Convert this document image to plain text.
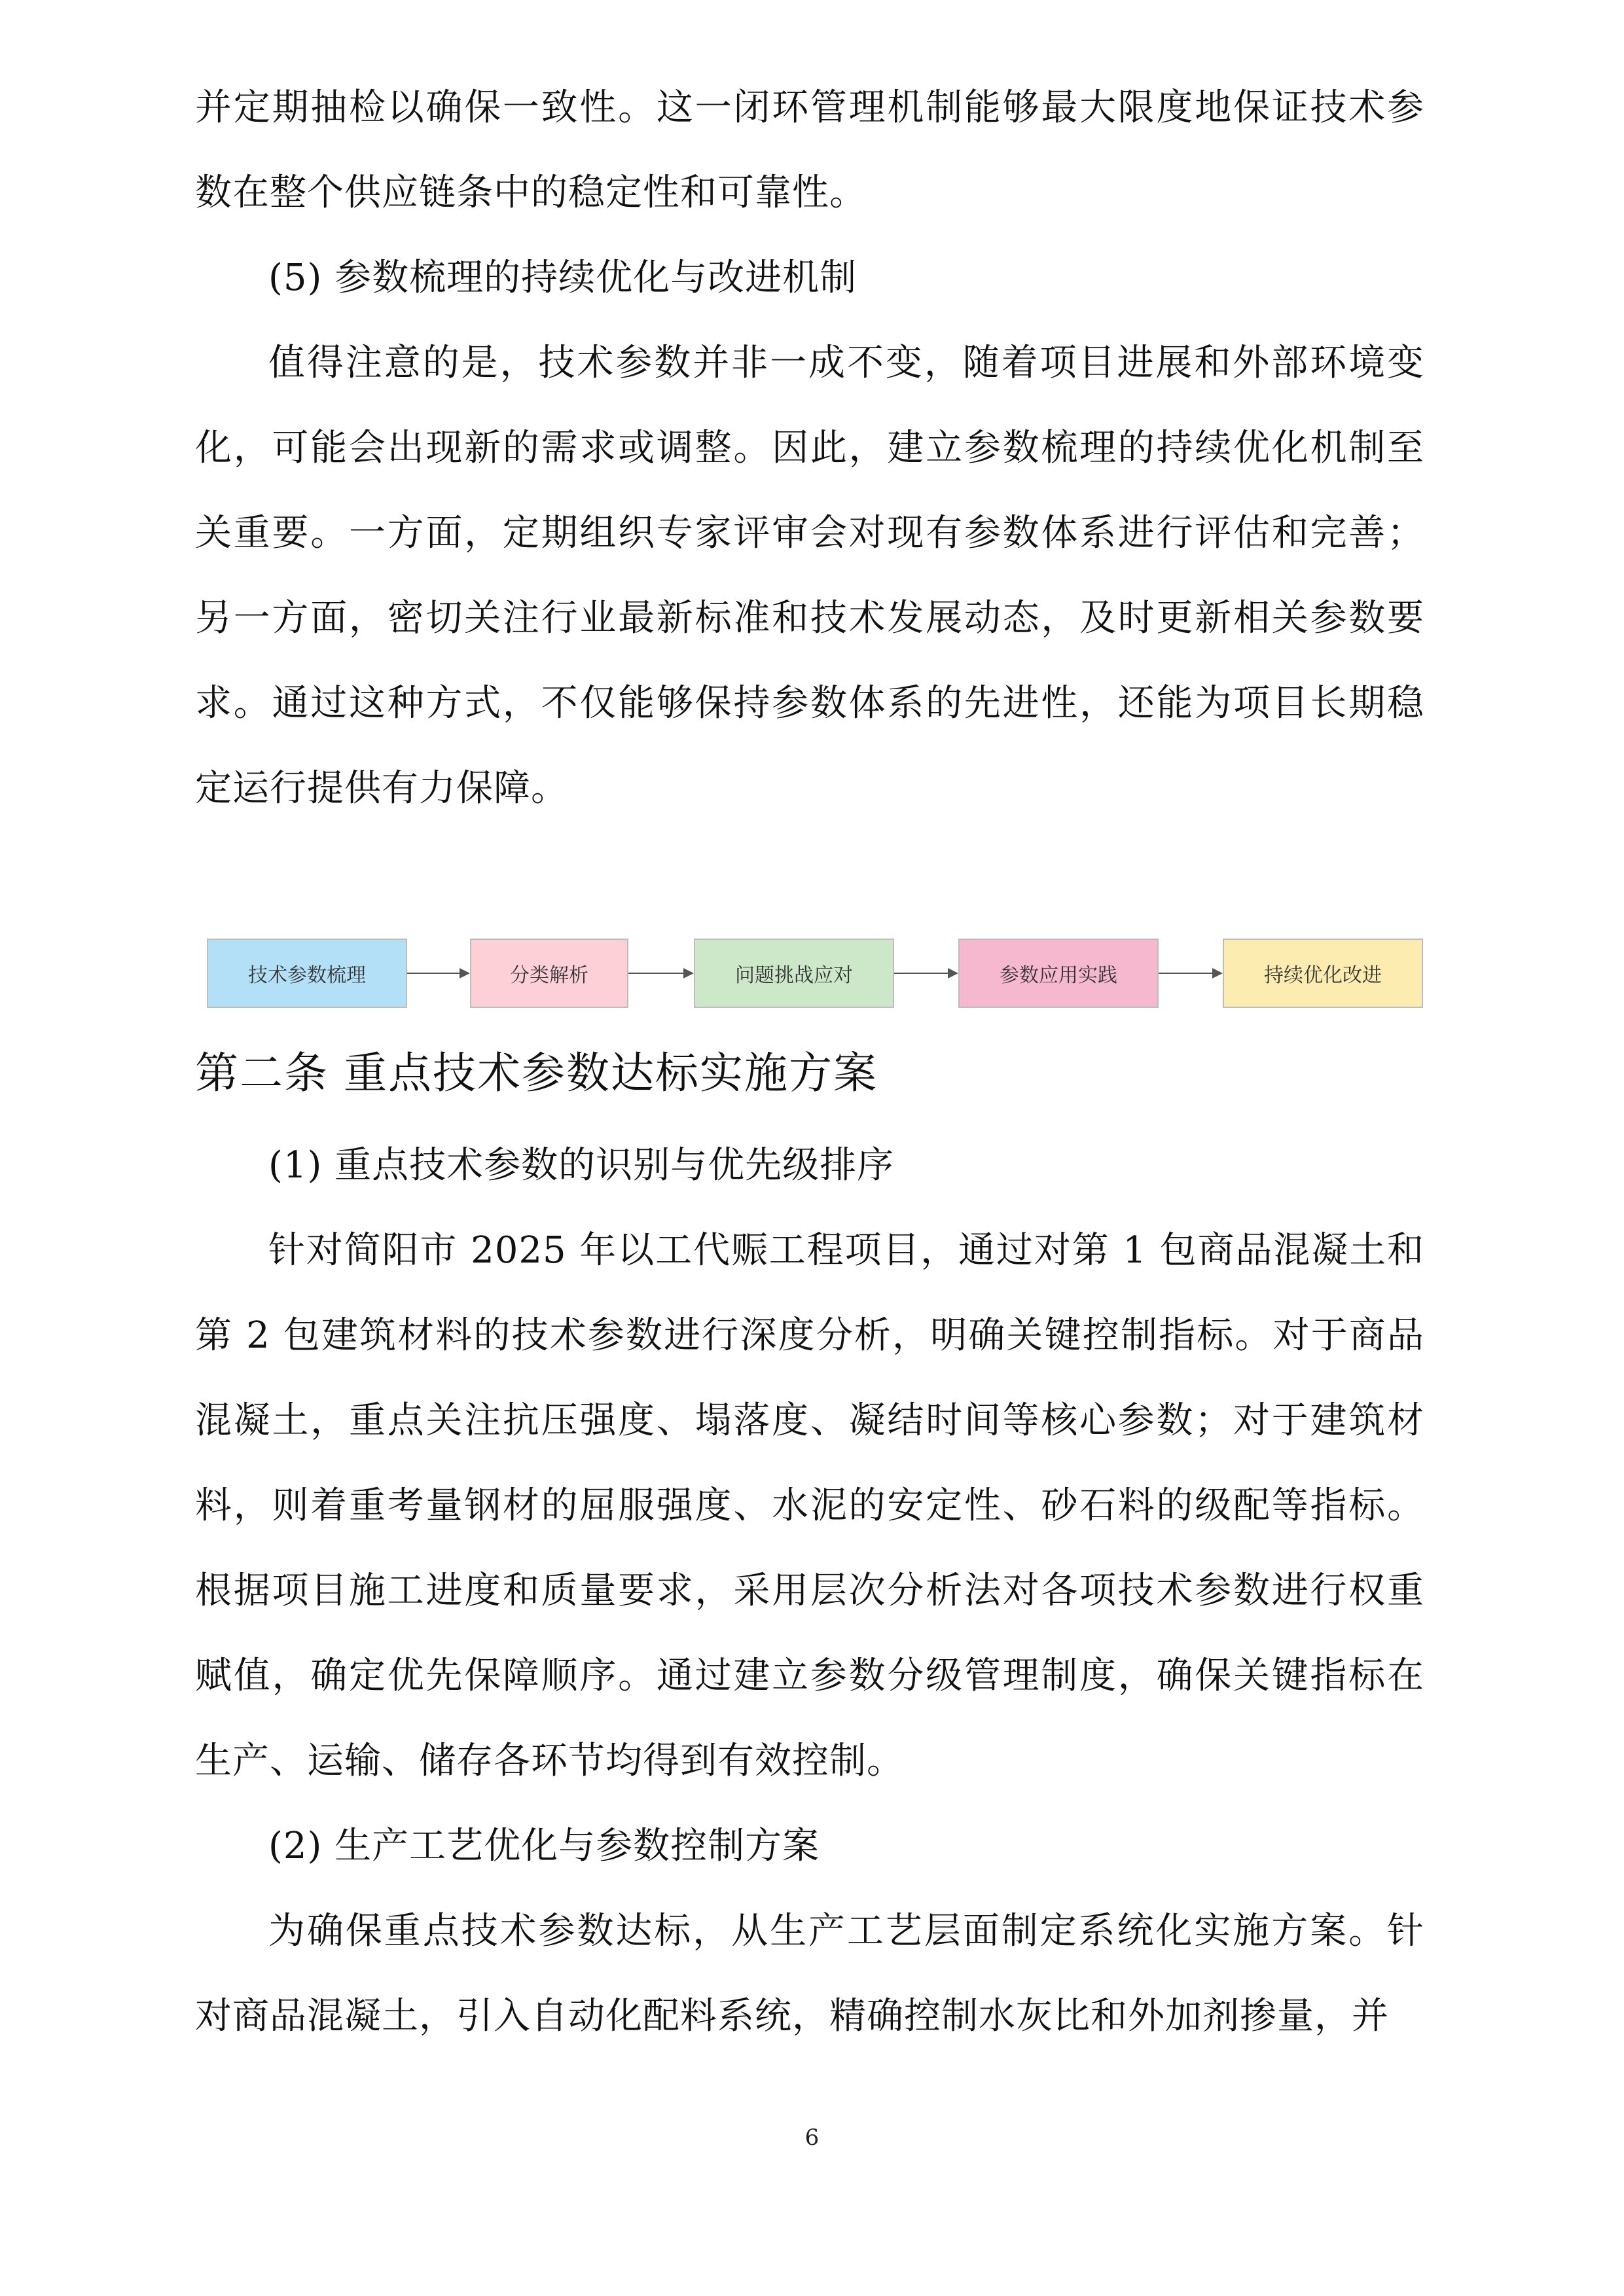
并定期抽检以确保一致性。这一闭环管理机制能够最大限度地保证技术参数在整个供应链条中的稳定性和可靠性。

(5) 参数梳理的持续优化与改进机制

值得注意的是，技术参数并非一成不变，随着项目进展和外部环境变化，可能会出现新的需求或调整。因此，建立参数梳理的持续优化机制至关重要。一方面，定期组织专家评审会对现有参数体系进行评估和完善；另一方面，密切关注行业最新标准和技术发展动态，及时更新相关参数要求。通过这种方式，不仅能够保持参数体系的先进性，还能为项目长期稳定运行提供有力保障。

技术参数梳理	分类解析	问题挑战应对	参数应用实践	持续优化改进
第二条 重点技术参数达标实施方案

(1) 重点技术参数的识别与优先级排序

针对简阳市 2025 年以工代赈工程项目，通过对第 1 包商品混凝土和第 2 包建筑材料的技术参数进行深度分析，明确关键控制指标。对于商品混凝土，重点关注抗压强度、塌落度、凝结时间等核心参数；对于建筑材料，则着重考量钢材的屈服强度、水泥的安定性、砂石料的级配等指标。根据项目施工进度和质量要求，采用层次分析法对各项技术参数进行权重赋值，确定优先保障顺序。通过建立参数分级管理制度，确保关键指标在生产、运输、储存各环节均得到有效控制。

(2) 生产工艺优化与参数控制方案

为确保重点技术参数达标，从生产工艺层面制定系统化实施方案。针对商品混凝土，引入自动化配料系统，精确控制水灰比和外加剂掺量，并

6
